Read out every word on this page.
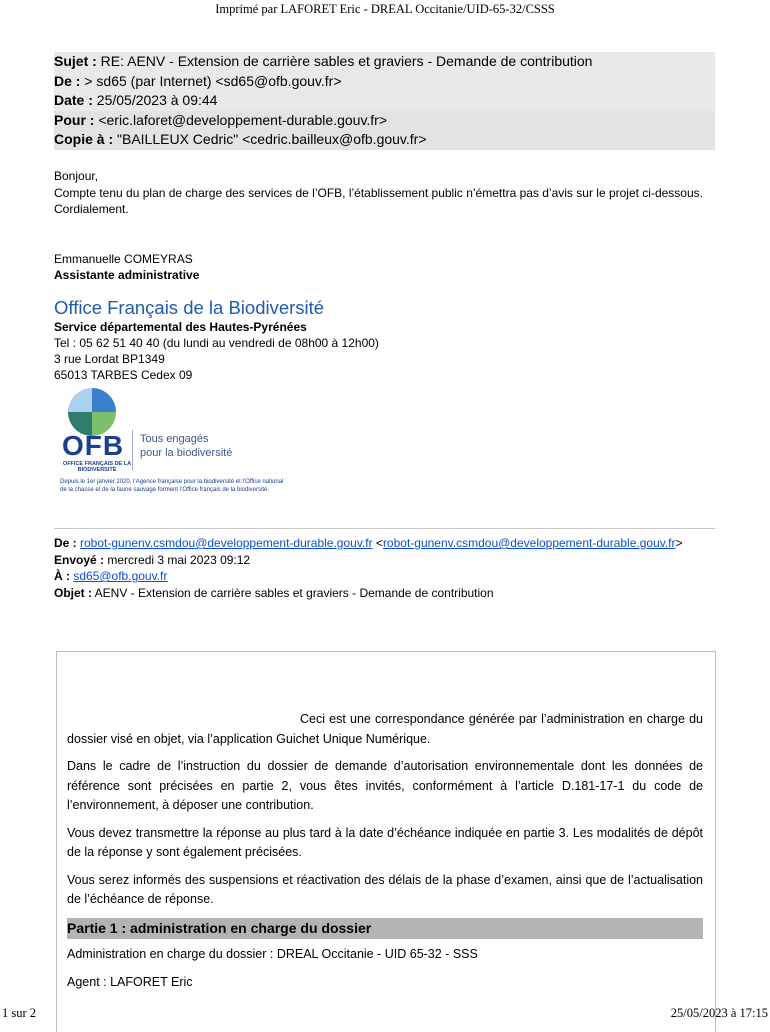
Imprimé par LAFORET Eric - DREAL Occitanie/UID-65-32/CSSS
Sujet : RE: AENV - Extension de carrière sables et graviers - Demande de contribution
De : > sd65 (par Internet) <sd65@ofb.gouv.fr>
Date : 25/05/2023 à 09:44
Pour : <eric.laforet@developpement-durable.gouv.fr>
Copie à : "BAILLEUX Cedric" <cedric.bailleux@ofb.gouv.fr>

Bonjour,

Compte tenu du plan de charge des services de l’OFB, l’établissement public n’émettra pas d’avis sur le projet ci-dessous.

Cordialement.

Emmanuelle COMEYRAS
Assistante administrative
Office Français de la Biodiversité
Service départemental des Hautes-Pyrénées
Tel : 05 62 51 40 40 (du lundi au vendredi de 08h00 à 12h00)
3 rue Lordat BP1349
65013 TARBES Cedex 09
OFB
OFFICE FRANÇAIS DE LA BIODIVERSITÉ
Tous engagés
pour la biodiversité
Depuis le 1er janvier 2020, l’Agence française pour la biodiversité et l’Office national de la chasse et de la faune sauvage forment l’Office français de la biodiversité.
De : robot-gunenv.csmdou@developpement-durable.gouv.fr <robot-gunenv.csmdou@developpement-durable.gouv.fr>
Envoyé : mercredi 3 mai 2023 09:12
À : sd65@ofb.gouv.fr
Objet : AENV - Extension de carrière sables et graviers - Demande de contribution

Ceci est une correspondance générée par l’administration en charge du dossier visé en objet, via l’application Guichet Unique Numérique.

Dans le cadre de l’instruction du dossier de demande d’autorisation environnementale dont les données de référence sont précisées en partie 2, vous êtes invités, conformément à l’article D.181-17-1 du code de l’environnement, à déposer une contribution.

Vous devez transmettre la réponse au plus tard à la date d’échéance indiquée en partie 3. Les modalités de dépôt de la réponse y sont également précisées.

Vous serez informés des suspensions et réactivation des délais de la phase d’examen, ainsi que de l’actualisation de l’échéance de réponse.

Partie 1 : administration en charge du dossier

Administration en charge du dossier : DREAL Occitanie - UID 65-32 - SSS

Agent : LAFORET Eric

1 sur 2	25/05/2023 à 17:15
